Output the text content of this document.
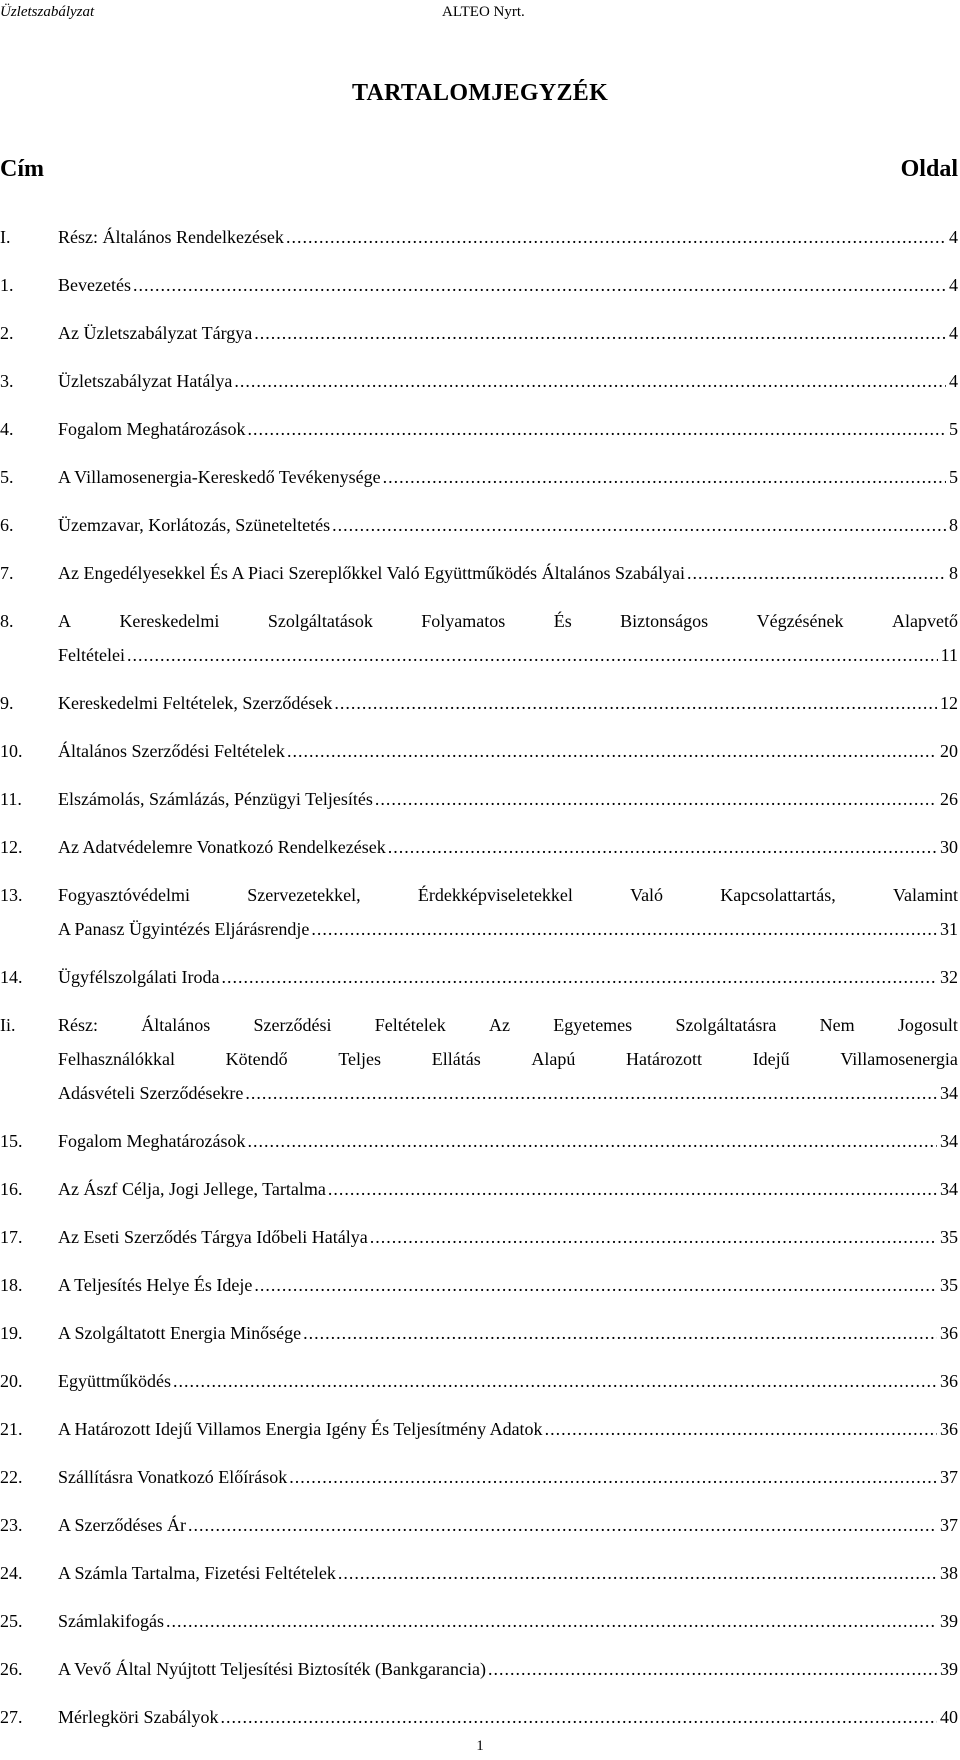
Üzletszabályzat	ALTEO Nyrt.
TARTALOMJEGYZÉK
Cím	Oldal
I.	Rész: Általános Rendelkezések .....	4
1. Bevezetés .....	4
2. Az Üzletszabályzat Tárgya .....	4
3. Üzletszabályzat Hatálya .....	4
4. Fogalom Meghatározások .....	5
5. A Villamosenergia-Kereskedő Tevékenysége .....	5
6. Üzemzavar, Korlátozás, Szüneteltetés .....	8
7. Az Engedélyesekkel És A Piaci Szereplőkkel Való Együttműködés Általános Szabályai .....	8
8. A	Kereskedelmi	Szolgáltatások	Folyamatos	És	Biztonságos	Végzésének	Alapvető
Feltételei .....	11
9. Kereskedelmi Feltételek, Szerződések .....	12
10. Általános Szerződési Feltételek .....	20
11. Elszámolás, Számlázás, Pénzügyi Teljesítés .....	26
12. Az Adatvédelemre Vonatkozó Rendelkezések .....	30
13. Fogyasztóvédelmi	Szervezetekkel,	Érdekképviseletekkel	Való	Kapcsolattartás,	Valamint
A Panasz Ügyintézés Eljárásrendje .....	31
14. Ügyfélszolgálati Iroda .....	32
Ii. Rész: Általános Szerződési Feltételek Az Egyetemes Szolgáltatásra Nem Jogosult
Felhasználókkal	Kötendő	Teljes	Ellátás	Alapú	Határozott	Idejű	Villamosenergia
Adásvételi Szerződésekre .....	34
15. Fogalom Meghatározások .....	34
16. Az Ászf Célja, Jogi Jellege, Tartalma .....	34
17. Az Eseti Szerződés Tárgya Időbeli Hatálya .....	35
18. A Teljesítés Helye És Ideje .....	35
19. A Szolgáltatott Energia Minősége .....	36
20. Együttműködés .....	36
21. A Határozott Idejű Villamos Energia Igény És Teljesítmény Adatok .....	36
22. Szállításra Vonatkozó Előírások .....	37
23. A Szerződéses Ár .....	37
24. A Számla Tartalma, Fizetési Feltételek .....	38
25. Számlakifogás .....	39
26. A Vevő Által Nyújtott Teljesítési Biztosíték (Bankgarancia) .....	39
27. Mérlegköri Szabályok .....	40
1
